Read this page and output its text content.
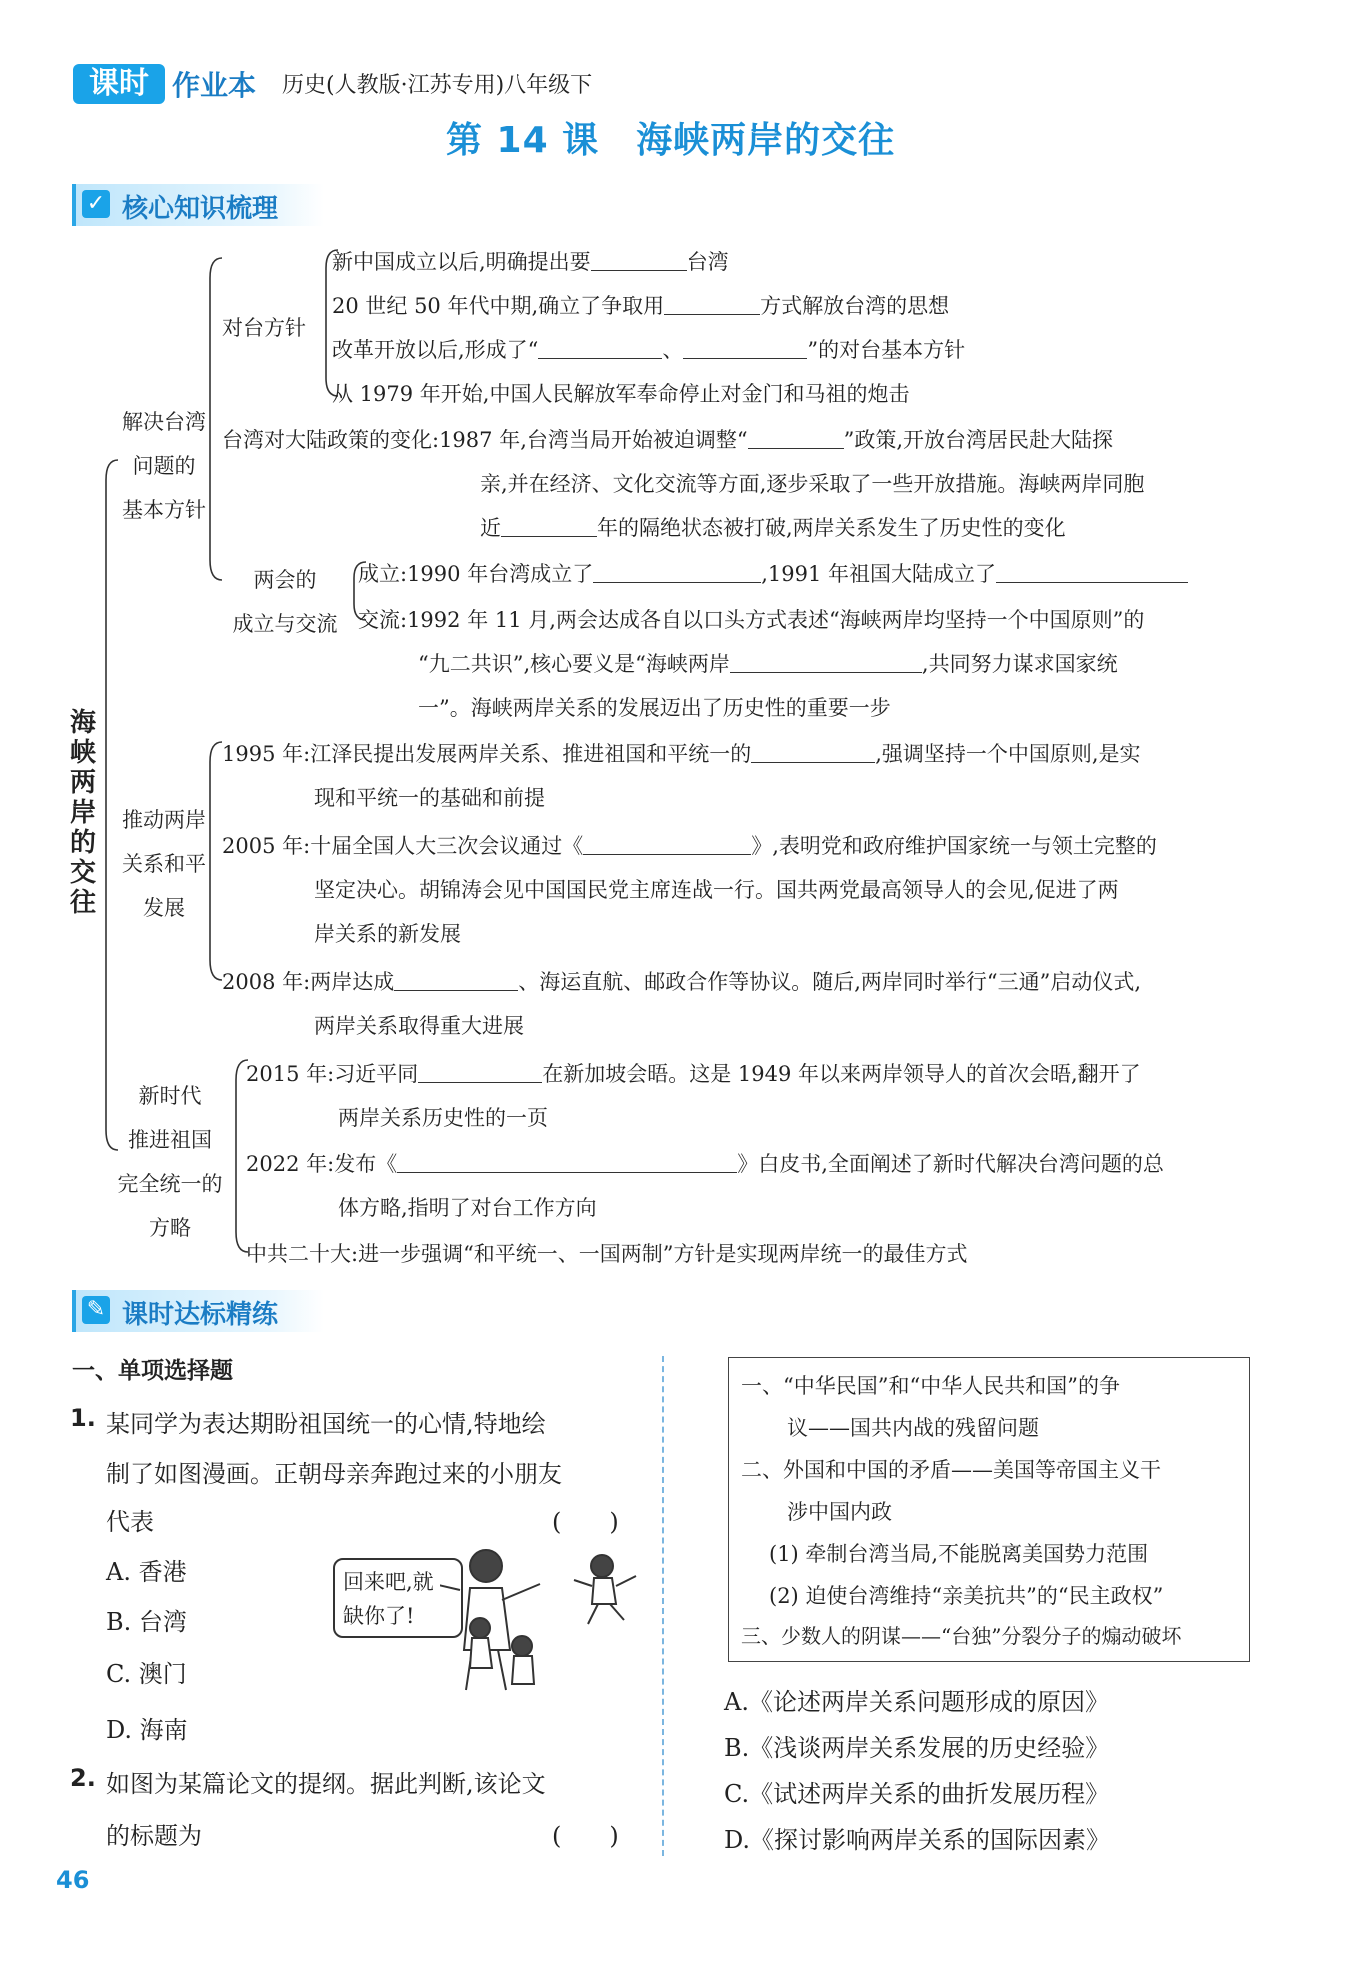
课时 作业本 历史(人教版·江苏专用)八年级下
第 14 课　海峡两岸的交往
✓ 核心知识梳理
海
峡
两
岸
的
交
往
解决台湾
问题的
基本方针
对台方针
新中国成立以后,明确提出要	台湾
20 世纪 50 年代中期,确立了争取用	方式解放台湾的思想
改革开放以后,形成了“	、	”的对台基本方针
从 1979 年开始,中国人民解放军奉命停止对金门和马祖的炮击
台湾对大陆政策的变化:1987 年,台湾当局开始被迫调整“	”政策,开放台湾居民赴大陆探
亲,并在经济、文化交流等方面,逐步采取了一些开放措施。海峡两岸同胞
近	年的隔绝状态被打破,两岸关系发生了历史性的变化
两会的
成立与交流
成立:1990 年台湾成立了	,1991 年祖国大陆成立了
交流:1992 年 11 月,两会达成各自以口头方式表述“海峡两岸均坚持一个中国原则”的
“九二共识”,核心要义是“海峡两岸	,共同努力谋求国家统
一”。海峡两岸关系的发展迈出了历史性的重要一步
推动两岸
关系和平
发展
1995 年:江泽民提出发展两岸关系、推进祖国和平统一的	,强调坚持一个中国原则,是实
现和平统一的基础和前提
2005 年:十届全国人大三次会议通过《	》,表明党和政府维护国家统一与领土完整的
坚定决心。胡锦涛会见中国国民党主席连战一行。国共两党最高领导人的会见,促进了两
岸关系的新发展
2008 年:两岸达成	、海运直航、邮政合作等协议。随后,两岸同时举行“三通”启动仪式,
两岸关系取得重大进展
新时代
推进祖国
完全统一的
方略
2015 年:习近平同	在新加坡会晤。这是 1949 年以来两岸领导人的首次会晤,翻开了
两岸关系历史性的一页
2022 年:发布《	》白皮书,全面阐述了新时代解决台湾问题的总
体方略,指明了对台工作方向
中共二十大:进一步强调“和平统一、一国两制”方针是实现两岸统一的最佳方式
✎ 课时达标精练
一、单项选择题
1. 某同学为表达期盼祖国统一的心情,特地绘
制了如图漫画。正朝母亲奔跑过来的小朋友
代表	(　　)
A. 香港
B. 台湾
C. 澳门
D. 海南
回来吧,就
缺你了!
2. 如图为某篇论文的提纲。据此判断,该论文
的标题为	(　　)
一、“中华民国”和“中华人民共和国”的争
议——国共内战的残留问题
二、外国和中国的矛盾——美国等帝国主义干
涉中国内政
(1) 牵制台湾当局,不能脱离美国势力范围
(2) 迫使台湾维持“亲美抗共”的“民主政权”
三、少数人的阴谋——“台独”分裂分子的煽动破坏
A.《论述两岸关系问题形成的原因》
B.《浅谈两岸关系发展的历史经验》
C.《试述两岸关系的曲折发展历程》
D.《探讨影响两岸关系的国际因素》
46
